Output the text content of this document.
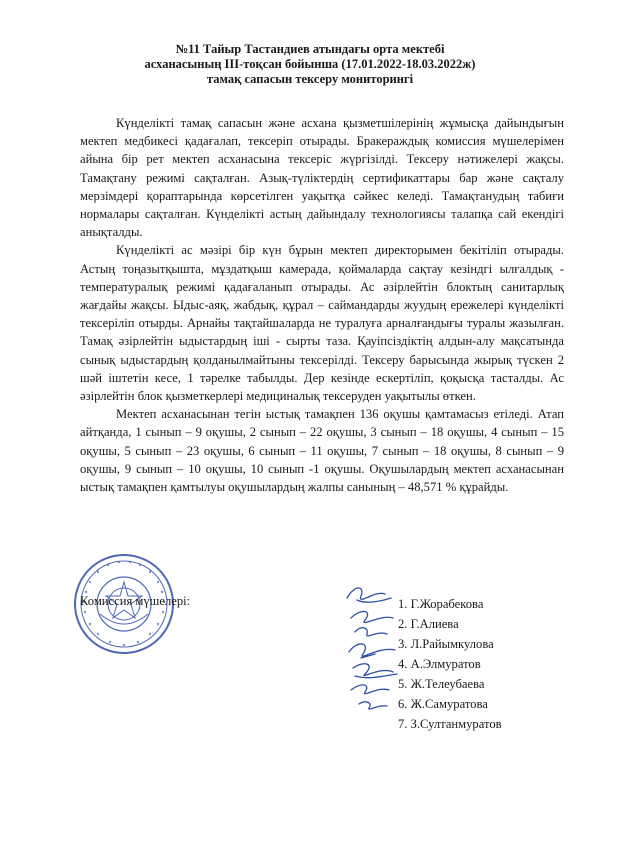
№11 Тайыр Тастандиев атындағы орта мектебі
асханасының III-тоқсан бойынша (17.01.2022-18.03.2022ж)
тамақ сапасын тексеру мониторингі

Күнделікті тамақ сапасын және асхана қызметшілерінің жұмысқа дайындығын мектеп медбикесі қадағалап, тексеріп отырады. Бракераждық комиссия мүшелерімен айына бір рет мектеп асханасына тексеріс жүргізілді. Тексеру нәтижелері жақсы. Тамақтану режимі сақталған. Азық-түліктердің сертификаттары бар және сақталу мерзімдері қораптарында көрсетілген уақытқа сәйкес келеді. Тамақтанудың табиғи нормалары сақталған. Күнделікті астың дайындалу технологиясы талапқа сай екендігі анықталды.

Күнделікті ас мәзірі бір күн бұрын мектеп директорымен бекітіліп отырады. Астың тоңазытқышта, мұздатқыш камерада, қоймаларда сақтау кезіндгі ылғалдық - температуралық режимі қадағаланып отырады. Ас әзірлейтін блоктың санитарлық жағдайы жақсы. Ыдыс-аяқ, жабдық, құрал – саймандарды жуудың ережелері күнделікті тексеріліп отырды. Арнайы тақтайшаларда не туралуға арналғандығы туралы жазылған. Тамақ әзірлейтін ыдыстардың іші - сырты таза. Қауіпсіздіктің алдын-алу мақсатында сынық ыдыстардың қолданылмайтыны тексерілді. Тексеру барысында жырық түскен 2 шәй іштетін кесе, 1 тәрелке табылды. Дер кезінде ескертіліп, қоқысқа тасталды. Ас әзірлейтін блок қызметкерлері медициналық тексеруден уақытылы өткен.

Мектеп асханасынан тегін ыстық тамақпен 136 оқушы қамтамасыз етіледі. Атап айтқанда, 1 сынып – 9 оқушы, 2 сынып – 22 оқушы, 3 сынып – 18 оқушы, 4 сынып – 15 оқушы, 5 сынып – 23 оқушы, 6 сынып – 11 оқушы, 7 сынып – 18 оқушы, 8 сынып – 9 оқушы, 9 сынып – 10 оқушы, 10 сынып -1 оқушы. Оқушылардың мектеп асханасынан ыстық тамақпен қамтылуы оқушылардың жалпы санының – 48,571 % құрайды.

Комиссия мүшелері:	1. Г.Жорабекова
2. Г.Алиева
3. Л.Райымкулова
4. А.Элмуратов
5. Ж.Телеубаева
6. Ж.Самуратова
7. З.Султанмуратов
